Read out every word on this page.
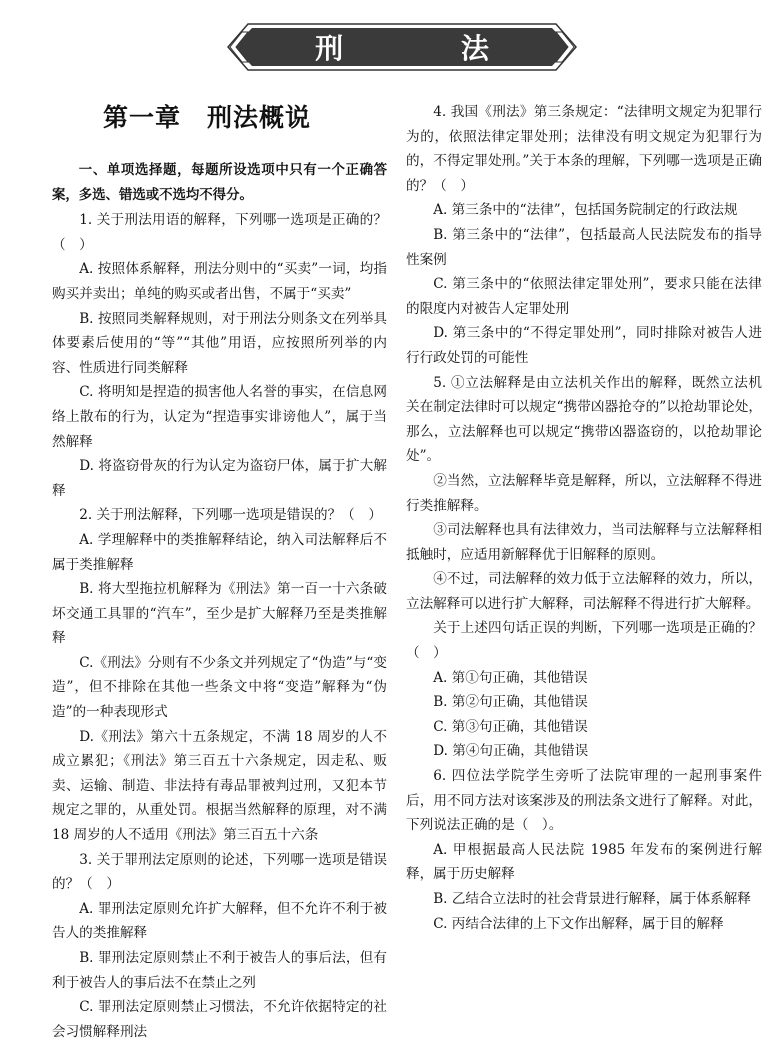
刑 法
第一章　刑法概说

一、单项选择题，每题所设选项中只有一个正确答案，多选、错选或不选均不得分。

1. 关于刑法用语的解释，下列哪一选项是正确的？（　）

A. 按照体系解释，刑法分则中的“买卖”一词，均指购买并卖出；单纯的购买或者出售，不属于“买卖”

B. 按照同类解释规则，对于刑法分则条文在列举具体要素后使用的“等”“其他”用语，应按照所列举的内容、性质进行同类解释

C. 将明知是捏造的损害他人名誉的事实，在信息网络上散布的行为，认定为“捏造事实诽谤他人”，属于当然解释

D. 将盗窃骨灰的行为认定为盗窃尸体，属于扩大解释

2. 关于刑法解释，下列哪一选项是错误的？（　）

A. 学理解释中的类推解释结论，纳入司法解释后不属于类推解释

B. 将大型拖拉机解释为《刑法》第一百一十六条破坏交通工具罪的“汽车”，至少是扩大解释乃至是类推解释

C.《刑法》分则有不少条文并列规定了“伪造”与“变造”，但不排除在其他一些条文中将“变造”解释为“伪造”的一种表现形式

D.《刑法》第六十五条规定，不满 18 周岁的人不成立累犯；《刑法》第三百五十六条规定，因走私、贩卖、运输、制造、非法持有毒品罪被判过刑，又犯本节规定之罪的，从重处罚。根据当然解释的原理，对不满 18 周岁的人不适用《刑法》第三百五十六条

3. 关于罪刑法定原则的论述，下列哪一选项是错误的？（　）

A. 罪刑法定原则允许扩大解释，但不允许不利于被告人的类推解释

B. 罪刑法定原则禁止不利于被告人的事后法，但有利于被告人的事后法不在禁止之列

C. 罪刑法定原则禁止习惯法，不允许依据特定的社会习惯解释刑法

4. 我国《刑法》第三条规定：“法律明文规定为犯罪行为的，依照法律定罪处刑；法律没有明文规定为犯罪行为的，不得定罪处刑。”关于本条的理解，下列哪一选项是正确的？（　）

A. 第三条中的“法律”，包括国务院制定的行政法规

B. 第三条中的“法律”，包括最高人民法院发布的指导性案例

C. 第三条中的“依照法律定罪处刑”，要求只能在法律的限度内对被告人定罪处刑

D. 第三条中的“不得定罪处刑”，同时排除对被告人进行行政处罚的可能性

5. ①立法解释是由立法机关作出的解释，既然立法机关在制定法律时可以规定“携带凶器抢夺的”以抢劫罪论处，那么，立法解释也可以规定“携带凶器盗窃的，以抢劫罪论处”。

②当然，立法解释毕竟是解释，所以，立法解释不得进行类推解释。

③司法解释也具有法律效力，当司法解释与立法解释相抵触时，应适用新解释优于旧解释的原则。

④不过，司法解释的效力低于立法解释的效力，所以，立法解释可以进行扩大解释，司法解释不得进行扩大解释。

关于上述四句话正误的判断，下列哪一选项是正确的？（　）

A. 第①句正确，其他错误

B. 第②句正确，其他错误

C. 第③句正确，其他错误

D. 第④句正确，其他错误

6. 四位法学院学生旁听了法院审理的一起刑事案件后，用不同方法对该案涉及的刑法条文进行了解释。对此，下列说法正确的是（　）。

A. 甲根据最高人民法院 1985 年发布的案例进行解释，属于历史解释

B. 乙结合立法时的社会背景进行解释，属于体系解释

C. 丙结合法律的上下文作出解释，属于目的解释
